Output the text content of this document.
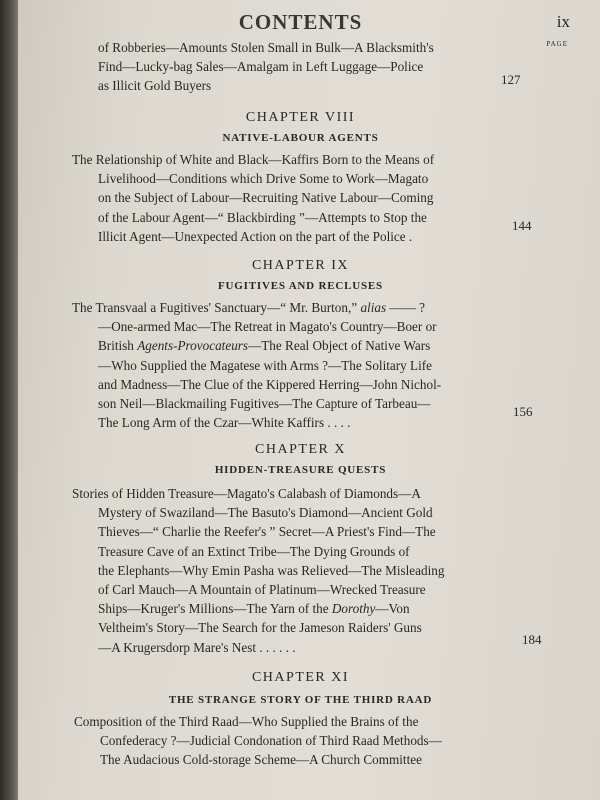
CONTENTS	ix
PAGE
of Robberies—Amounts Stolen Small in Bulk—A Blacksmith's
Find—Lucky-bag Sales—Amalgam in Left Luggage—Police
as Illicit Gold Buyers	127
CHAPTER VIII
NATIVE-LABOUR AGENTS
The Relationship of White and Black—Kaffirs Born to the Means of
Livelihood—Conditions which Drive Some to Work—Magato
on the Subject of Labour—Recruiting Native Labour—Coming
of the Labour Agent—“ Blackbirding ”—Attempts to Stop the
Illicit Agent—Unexpected Action on the part of the Police .
144
CHAPTER IX
FUGITIVES AND RECLUSES
The Transvaal a Fugitives' Sanctuary—“ Mr. Burton,” alias —— ?
—One-armed Mac—The Retreat in Magato's Country—Boer or
British Agents-Provocateurs—The Real Object of Native Wars
—Who Supplied the Magatese with Arms ?—The Solitary Life
and Madness—The Clue of the Kippered Herring—John Nichol-
son Neil—Blackmailing Fugitives—The Capture of Tarbeau—
The Long Arm of the Czar—White Kaffirs . . . .
156
CHAPTER X
HIDDEN-TREASURE QUESTS
Stories of Hidden Treasure—Magato's Calabash of Diamonds—A
Mystery of Swaziland—The Basuto's Diamond—Ancient Gold
Thieves—“ Charlie the Reefer's ” Secret—A Priest's Find—The
Treasure Cave of an Extinct Tribe—The Dying Grounds of
the Elephants—Why Emin Pasha was Relieved—The Misleading
of Carl Mauch—A Mountain of Platinum—Wrecked Treasure
Ships—Kruger's Millions—The Yarn of the Dorothy—Von
Veltheim's Story—The Search for the Jameson Raiders' Guns
—A Krugersdorp Mare's Nest . . . . . .
184
CHAPTER XI
THE STRANGE STORY OF THE THIRD RAAD
Composition of the Third Raad—Who Supplied the Brains of the
Confederacy ?—Judicial Condonation of Third Raad Methods—
The Audacious Cold-storage Scheme—A Church Committee
